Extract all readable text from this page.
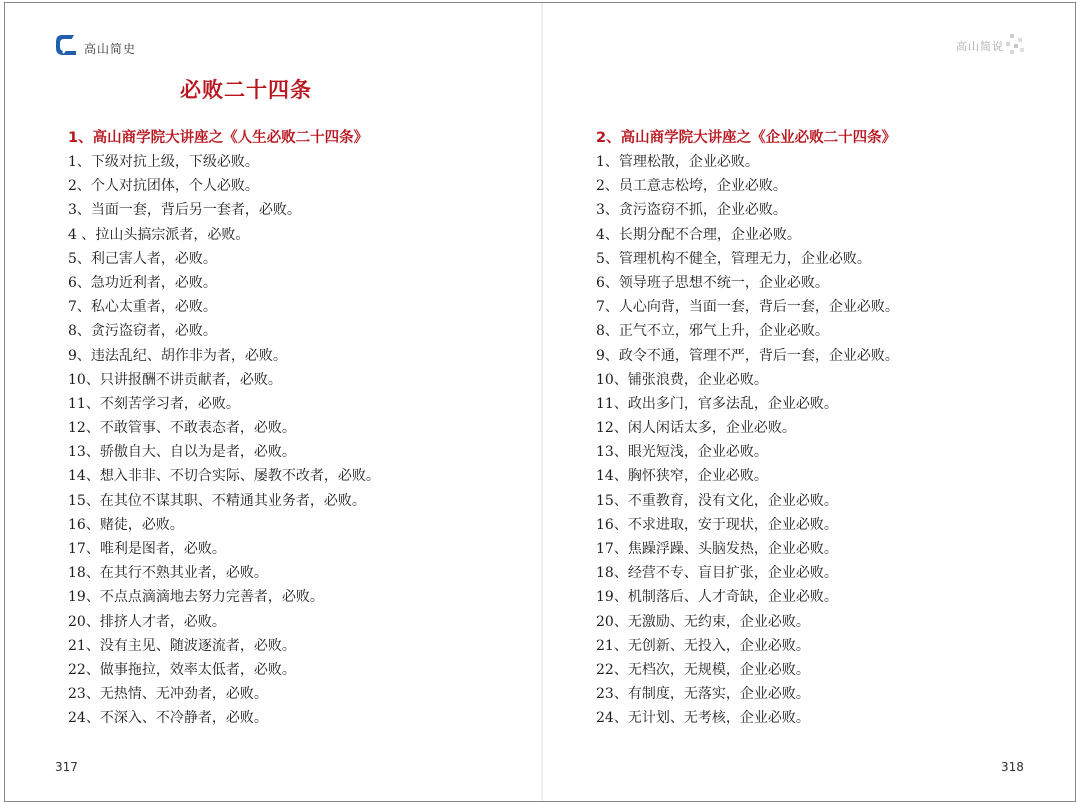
高山简史	高山简说
必败二十四条
1、高山商学院大讲座之《人生必败二十四条》
1、下级对抗上级，下级必败。
2、个人对抗团体，个人必败。
3、当面一套，背后另一套者，必败。
4 、拉山头搞宗派者，必败。
5、利己害人者，必败。
6、急功近利者，必败。
7、私心太重者，必败。
8、贪污盗窃者，必败。
9、违法乱纪、胡作非为者，必败。
10、只讲报酬不讲贡献者，必败。
11、不刻苦学习者，必败。
12、不敢管事、不敢表态者，必败。
13、骄傲自大、自以为是者，必败。
14、想入非非、不切合实际、屡教不改者，必败。
15、在其位不谋其职、不精通其业务者，必败。
16、赌徒，必败。
17、唯利是图者，必败。
18、在其行不熟其业者，必败。
19、不点点滴滴地去努力完善者，必败。
20、排挤人才者，必败。
21、没有主见、随波逐流者，必败。
22、做事拖拉，效率太低者，必败。
23、无热情、无冲劲者，必败。
24、不深入、不冷静者，必败。
2、高山商学院大讲座之《企业必败二十四条》
1、管理松散，企业必败。
2、员工意志松垮，企业必败。
3、贪污盗窃不抓，企业必败。
4、长期分配不合理，企业必败。
5、管理机构不健全，管理无力，企业必败。
6、领导班子思想不统一，企业必败。
7、人心向背，当面一套，背后一套，企业必败。
8、正气不立，邪气上升，企业必败。
9、政令不通，管理不严，背后一套，企业必败。
10、铺张浪费，企业必败。
11、政出多门，官多法乱，企业必败。
12、闲人闲话太多，企业必败。
13、眼光短浅，企业必败。
14、胸怀狭窄，企业必败。
15、不重教育，没有文化，企业必败。
16、不求进取，安于现状，企业必败。
17、焦躁浮躁、头脑发热，企业必败。
18、经营不专、盲目扩张，企业必败。
19、机制落后、人才奇缺，企业必败。
20、无激励、无约束，企业必败。
21、无创新、无投入，企业必败。
22、无档次，无规模，企业必败。
23、有制度，无落实，企业必败。
24、无计划、无考核，企业必败。
317	318
